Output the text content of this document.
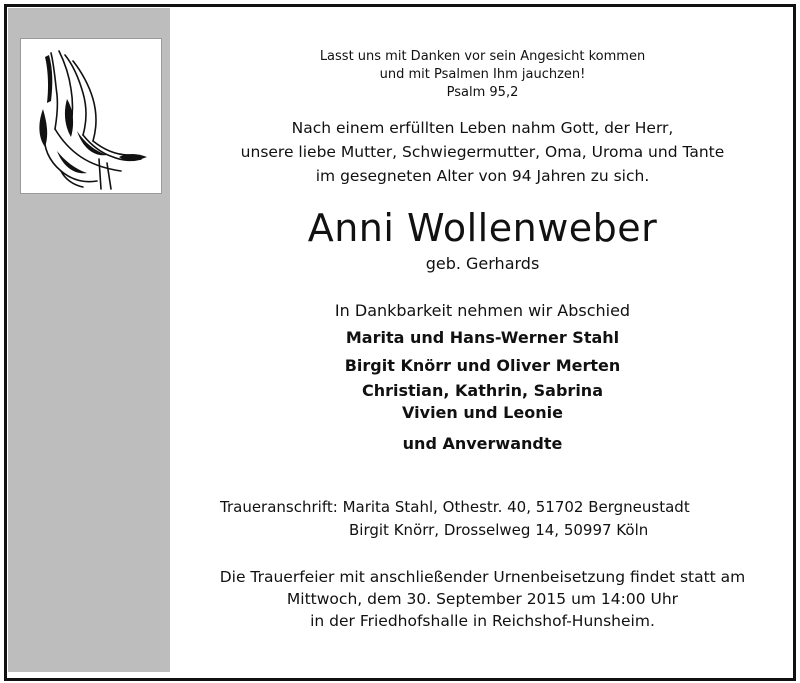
Lasst uns mit Danken vor sein Angesicht kommen
und mit Psalmen Ihm jauchzen!
Psalm 95,2
Nach einem erfüllten Leben nahm Gott, der Herr,
unsere liebe Mutter, Schwiegermutter, Oma, Uroma und Tante
im gesegneten Alter von 94 Jahren zu sich.
Anni Wollenweber
geb. Gerhards
In Dankbarkeit nehmen wir Abschied
Marita und Hans-Werner Stahl
Birgit Knörr und Oliver Merten
Christian, Kathrin, Sabrina
Vivien und Leonie
und Anverwandte
Traueranschrift: Marita Stahl, Othestr. 40, 51702 Bergneustadt
Birgit Knörr, Drosselweg 14, 50997 Köln
Die Trauerfeier mit anschließender Urnenbeisetzung findet statt am
Mittwoch, dem 30. September 2015 um 14:00 Uhr
in der Friedhofshalle in Reichshof-Hunsheim.
